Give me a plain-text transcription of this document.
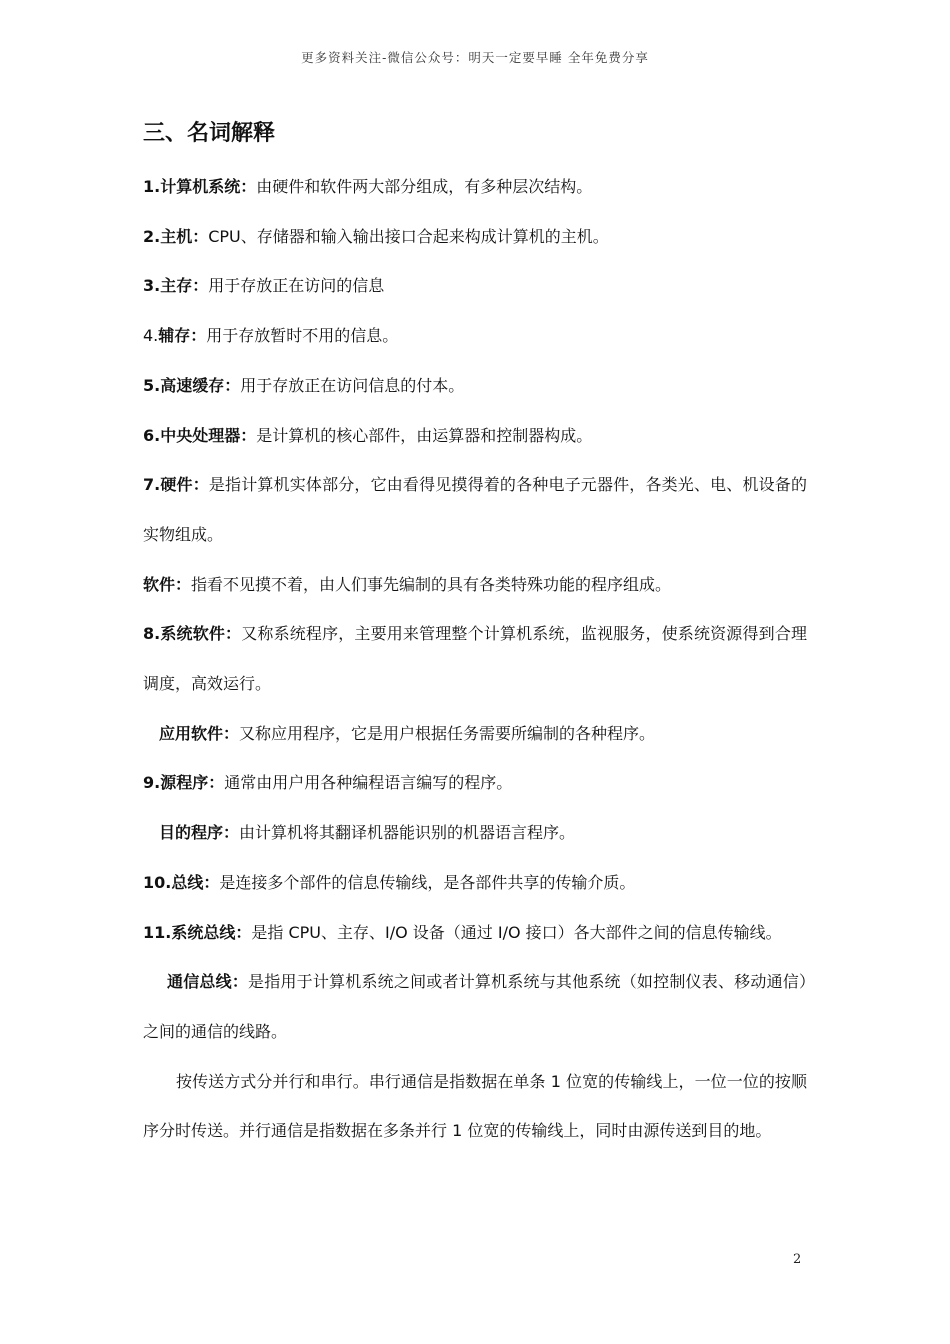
更多资料关注-微信公众号：明天一定要早睡 全年免费分享
三、名词解释

1.计算机系统：由硬件和软件两大部分组成，有多种层次结构。

2.主机：CPU、存储器和输入输出接口合起来构成计算机的主机。

3.主存：用于存放正在访问的信息

4.辅存：用于存放暂时不用的信息。

5.高速缓存：用于存放正在访问信息的付本。

6.中央处理器：是计算机的核心部件，由运算器和控制器构成。

7.硬件：是指计算机实体部分，它由看得见摸得着的各种电子元器件，各类光、电、机设备的实物组成。

软件：指看不见摸不着，由人们事先编制的具有各类特殊功能的程序组成。

8.系统软件：又称系统程序，主要用来管理整个计算机系统，监视服务，使系统资源得到合理调度，高效运行。

应用软件：又称应用程序，它是用户根据任务需要所编制的各种程序。

9.源程序：通常由用户用各种编程语言编写的程序。

目的程序：由计算机将其翻译机器能识别的机器语言程序。

10.总线：是连接多个部件的信息传输线，是各部件共享的传输介质。

11.系统总线：是指 CPU、主存、I/O 设备（通过 I/O 接口）各大部件之间的信息传输线。

通信总线：是指用于计算机系统之间或者计算机系统与其他系统（如控制仪表、移动通信）之间的通信的线路。

按传送方式分并行和串行。串行通信是指数据在单条 1 位宽的传输线上，一位一位的按顺序分时传送。并行通信是指数据在多条并行 1 位宽的传输线上，同时由源传送到目的地。

2
